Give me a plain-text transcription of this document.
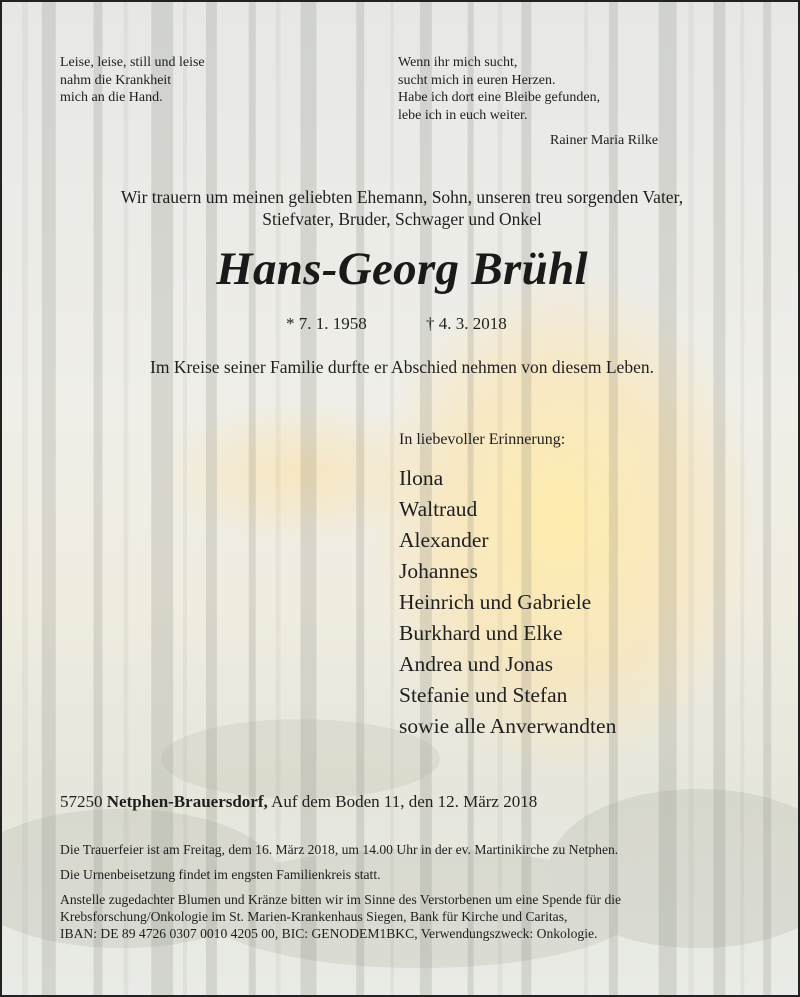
Leise, leise, still und leise
nahm die Krankheit
mich an die Hand.
Wenn ihr mich sucht,
sucht mich in euren Herzen.
Habe ich dort eine Bleibe gefunden,
lebe ich in euch weiter.
Rainer Maria Rilke
Wir trauern um meinen geliebten Ehemann, Sohn, unseren treu sorgenden Vater,
Stiefvater, Bruder, Schwager und Onkel
Hans-Georg Brühl
* 7. 1. 1958	† 4. 3. 2018
Im Kreise seiner Familie durfte er Abschied nehmen von diesem Leben.
In liebevoller Erinnerung:
Ilona
Waltraud
Alexander
Johannes
Heinrich und Gabriele
Burkhard und Elke
Andrea und Jonas
Stefanie und Stefan
sowie alle Anverwandten
57250 Netphen-Brauersdorf, Auf dem Boden 11, den 12. März 2018

Die Trauerfeier ist am Freitag, dem 16. März 2018, um 14.00 Uhr in der ev. Martinikirche zu Netphen.

Die Urnenbeisetzung findet im engsten Familienkreis statt.

Anstelle zugedachter Blumen und Kränze bitten wir im Sinne des Verstorbenen um eine Spende für die
Krebsforschung/Onkologie im St. Marien-Krankenhaus Siegen, Bank für Kirche und Caritas,
IBAN: DE 89 4726 0307 0010 4205 00, BIC: GENODEM1BKC, Verwendungszweck: Onkologie.
